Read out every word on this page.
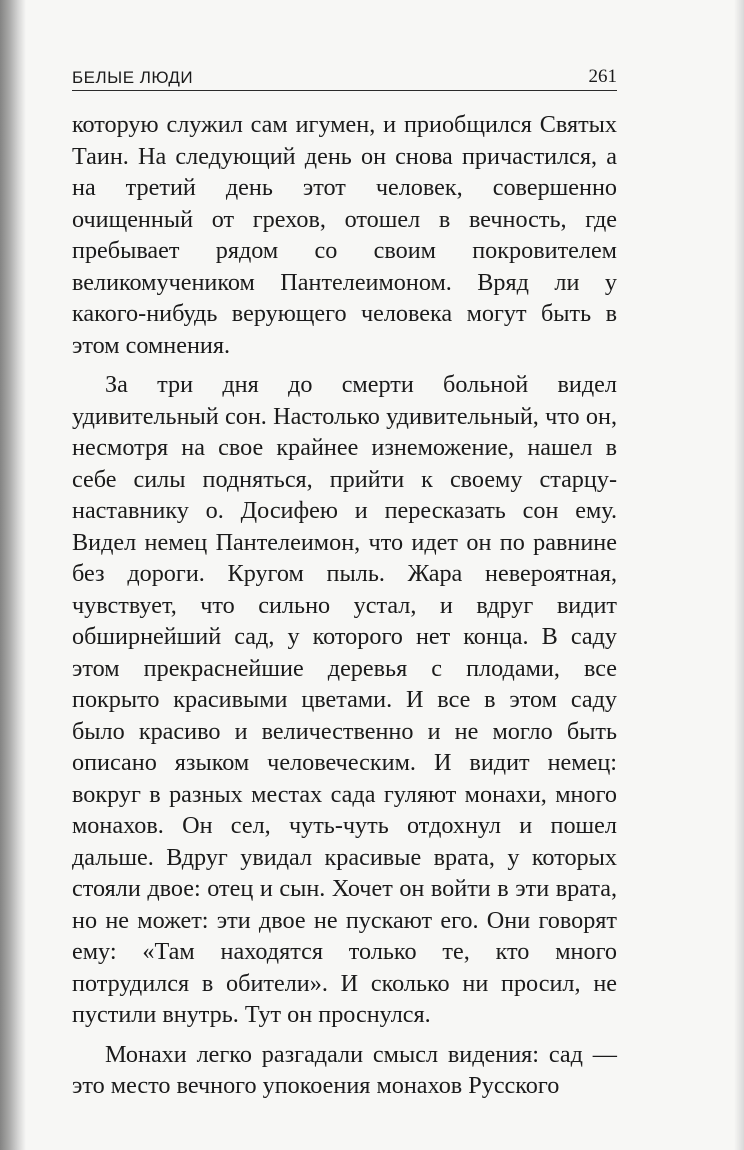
БЕЛЫЕ ЛЮДИ	261

которую служил сам игумен, и приобщился Святых Таин. На следующий день он снова причастился, а на третий день этот человек, совершенно очищенный от грехов, отошел в вечность, где пребывает рядом со своим покровителем великомучеником Пантелеимоном. Вряд ли у какого-нибудь верующего человека могут быть в этом сомнения.

За три дня до смерти больной видел удивительный сон. Настолько удивительный, что он, несмотря на свое крайнее изнеможение, нашел в себе силы подняться, прийти к своему старцу-наставнику о. Досифею и пересказать сон ему. Видел немец Пантелеимон, что идет он по равнине без дороги. Кругом пыль. Жара невероятная, чувствует, что сильно устал, и вдруг видит обширнейший сад, у которого нет конца. В саду этом прекраснейшие деревья с плодами, все покрыто красивыми цветами. И все в этом саду было красиво и величественно и не могло быть описано языком человеческим. И видит немец: вокруг в разных местах сада гуляют монахи, много монахов. Он сел, чуть-чуть отдохнул и пошел дальше. Вдруг увидал красивые врата, у которых стояли двое: отец и сын. Хочет он войти в эти врата, но не может: эти двое не пускают его. Они говорят ему: «Там находятся только те, кто много потрудился в обители». И сколько ни просил, не пустили внутрь. Тут он проснулся.

Монахи легко разгадали смысл видения: сад — это место вечного упокоения монахов Русского
